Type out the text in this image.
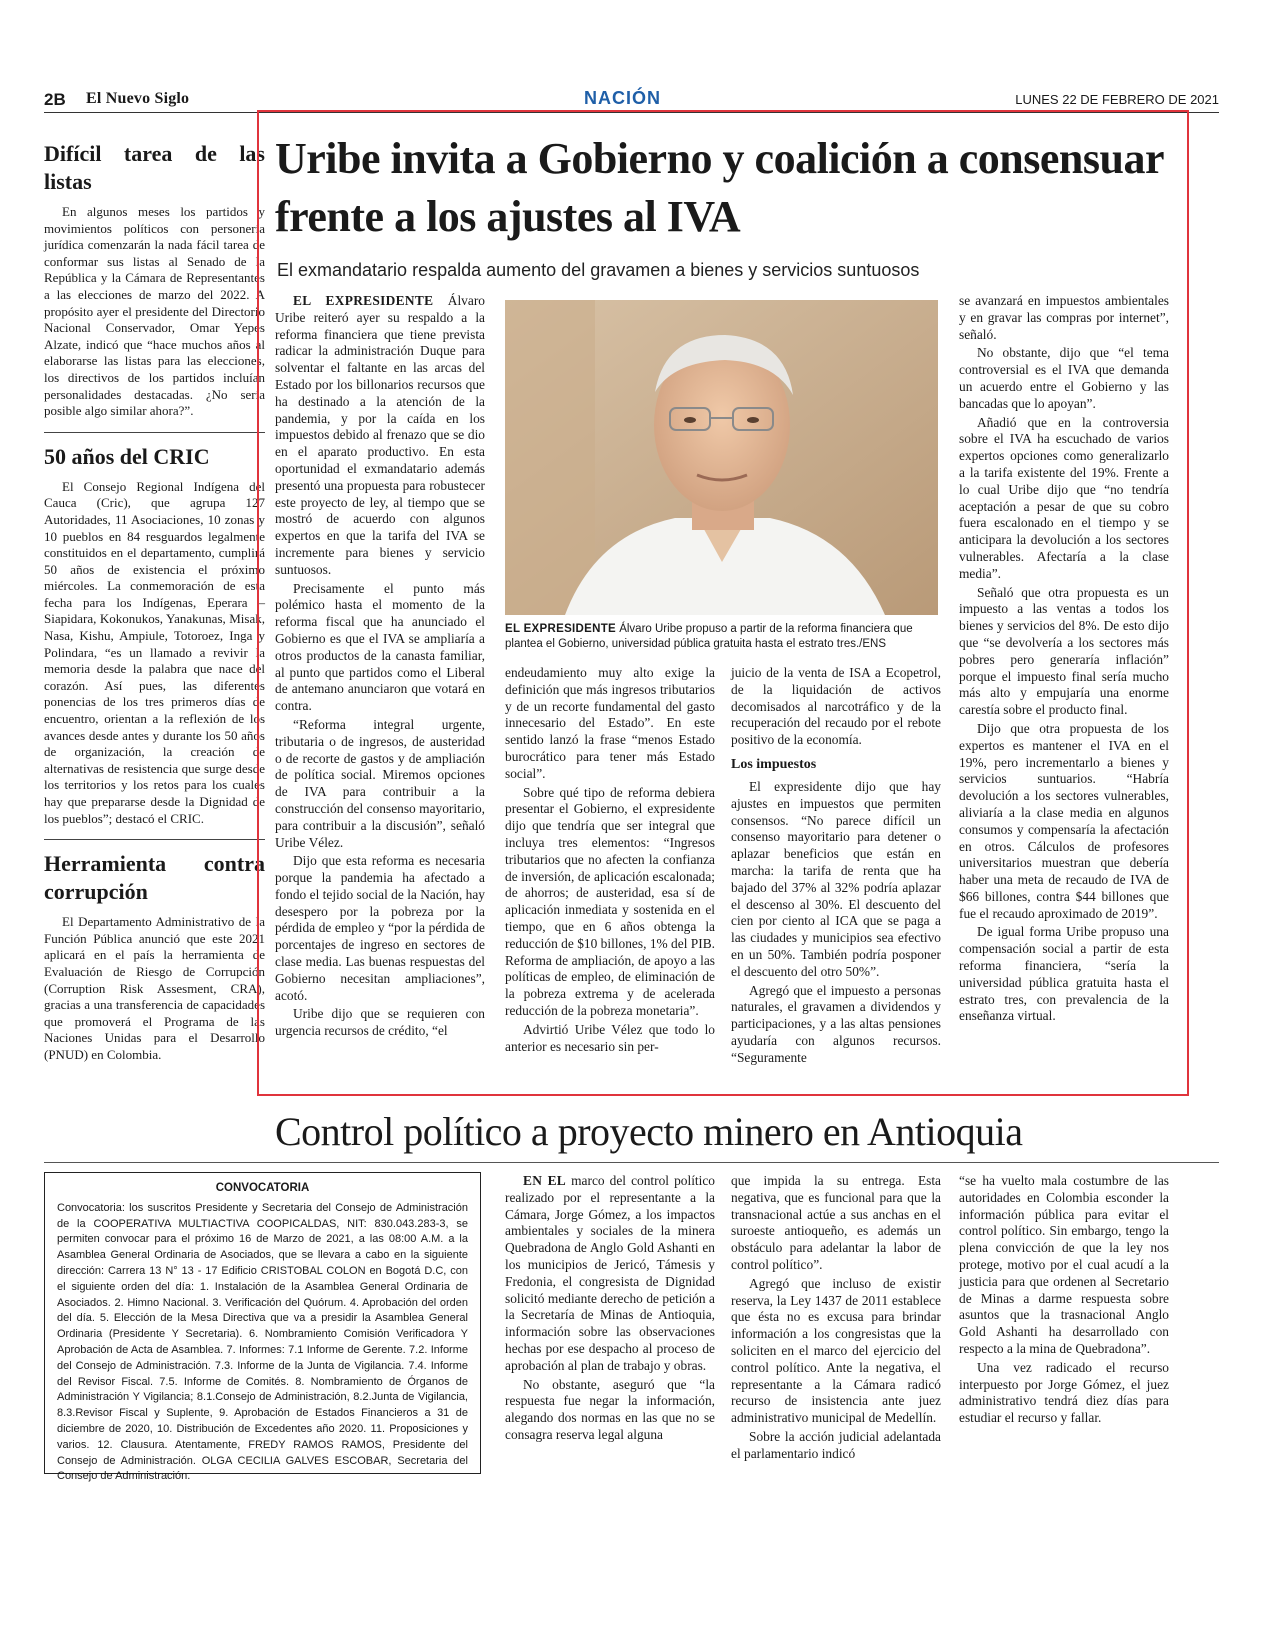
2B El Nuevo Siglo	NACIÓN	LUNES 22 DE FEBRERO DE 2021
Difícil tarea de las listas

En algunos meses los partidos y movimientos políticos con personería jurídica comenzarán la nada fácil tarea de conformar sus listas al Senado de la República y la Cámara de Representantes a las elecciones de marzo del 2022. A propósito ayer el presidente del Directorio Nacional Conservador, Omar Yepes Alzate, indicó que “hace muchos años al elaborarse las listas para las elecciones, los directivos de los partidos incluían personalidades destacadas. ¿No sería posible algo similar ahora?”.

50 años del CRIC

El Consejo Regional Indígena del Cauca (Cric), que agrupa 127 Autoridades, 11 Asociaciones, 10 zonas y 10 pueblos en 84 resguardos legalmente constituidos en el departamento, cumplirá 50 años de existencia el próximo miércoles. La conmemoración de esta fecha para los Indígenas, Eperara – Siapidara, Kokonukos, Yanakunas, Misak, Nasa, Kishu, Ampiule, Totoroez, Inga y Polindara, “es un llamado a revivir la memoria desde la palabra que nace del corazón. Así pues, las diferentes ponencias de los tres primeros días de encuentro, orientan a la reflexión de los avances desde antes y durante los 50 años de organización, la creación de alternativas de resistencia que surge desde los territorios y los retos para los cuales hay que prepararse desde la Dignidad de los pueblos”; destacó el CRIC.

Herramienta contra corrupción

El Departamento Administrativo de la Función Pública anunció que este 2021 aplicará en el país la herramienta de Evaluación de Riesgo de Corrupción (Corruption Risk Assesment, CRA), gracias a una transferencia de capacidades que promoverá el Programa de las Naciones Unidas para el Desarrollo (PNUD) en Colombia.

Uribe invita a Gobierno y coalición a consensuar frente a los ajustes al IVA

El exmandatario respalda aumento del gravamen a bienes y servicios suntuosos

EL EXPRESIDENTE Álvaro Uribe reiteró ayer su respaldo a la reforma financiera que tiene prevista radicar la administración Duque para solventar el faltante en las arcas del Estado por los billonarios recursos que ha destinado a la atención de la pandemia, y por la caída en los impuestos debido al frenazo que se dio en el aparato productivo. En esta oportunidad el exmandatario además presentó una propuesta para robustecer este proyecto de ley, al tiempo que se mostró de acuerdo con algunos expertos en que la tarifa del IVA se incremente para bienes y servicio suntuosos.

Precisamente el punto más polémico hasta el momento de la reforma fiscal que ha anunciado el Gobierno es que el IVA se ampliaría a otros productos de la canasta familiar, al punto que partidos como el Liberal de antemano anunciaron que votará en contra.

“Reforma integral urgente, tributaria o de ingresos, de austeridad o de recorte de gastos y de ampliación de política social. Miremos opciones de IVA para contribuir a la construcción del consenso mayoritario, para contribuir a la discusión”, señaló Uribe Vélez.

Dijo que esta reforma es necesaria porque la pandemia ha afectado a fondo el tejido social de la Nación, hay desespero por la pobreza por la pérdida de empleo y “por la pérdida de porcentajes de ingreso en sectores de clase media. Las buenas respuestas del Gobierno necesitan ampliaciones”, acotó.

Uribe dijo que se requieren con urgencia recursos de crédito, “el

EL EXPRESIDENTE Álvaro Uribe propuso a partir de la reforma financiera que plantea el Gobierno, universidad pública gratuita hasta el estrato tres./ENS

endeudamiento muy alto exige la definición que más ingresos tributarios y de un recorte fundamental del gasto innecesario del Estado”. En este sentido lanzó la frase “menos Estado burocrático para tener más Estado social”.

Sobre qué tipo de reforma debiera presentar el Gobierno, el expresidente dijo que tendría que ser integral que incluya tres elementos: “Ingresos tributarios que no afecten la confianza de inversión, de aplicación escalonada; de ahorros; de austeridad, esa sí de aplicación inmediata y sostenida en el tiempo, que en 6 años obtenga la reducción de $10 billones, 1% del PIB. Reforma de ampliación, de apoyo a las políticas de empleo, de eliminación de la pobreza extrema y de acelerada reducción de la pobreza monetaria”.

Advirtió Uribe Vélez que todo lo anterior es necesario sin per-

juicio de la venta de ISA a Ecopetrol, de la liquidación de activos decomisados al narcotráfico y de la recuperación del recaudo por el rebote positivo de la economía.

Los impuestos

El expresidente dijo que hay ajustes en impuestos que permiten consensos. “No parece difícil un consenso mayoritario para detener o aplazar beneficios que están en marcha: la tarifa de renta que ha bajado del 37% al 32% podría aplazar el descenso al 30%. El descuento del cien por ciento al ICA que se paga a las ciudades y municipios sea efectivo en un 50%. También podría posponer el descuento del otro 50%”.

Agregó que el impuesto a personas naturales, el gravamen a dividendos y participaciones, y a las altas pensiones ayudaría con algunos recursos. “Seguramente

se avanzará en impuestos ambientales y en gravar las compras por internet”, señaló.

No obstante, dijo que “el tema controversial es el IVA que demanda un acuerdo entre el Gobierno y las bancadas que lo apoyan”.

Añadió que en la controversia sobre el IVA ha escuchado de varios expertos opciones como generalizarlo a la tarifa existente del 19%. Frente a lo cual Uribe dijo que “no tendría aceptación a pesar de que su cobro fuera escalonado en el tiempo y se anticipara la devolución a los sectores vulnerables. Afectaría a la clase media”.

Señaló que otra propuesta es un impuesto a las ventas a todos los bienes y servicios del 8%. De esto dijo que “se devolvería a los sectores más pobres pero generaría inflación” porque el impuesto final sería mucho más alto y empujaría una enorme carestía sobre el producto final.

Dijo que otra propuesta de los expertos es mantener el IVA en el 19%, pero incrementarlo a bienes y servicios suntuarios. “Habría devolución a los sectores vulnerables, aliviaría a la clase media en algunos consumos y compensaría la afectación en otros. Cálculos de profesores universitarios muestran que debería haber una meta de recaudo de IVA de $66 billones, contra $44 billones que fue el recaudo aproximado de 2019”.

De igual forma Uribe propuso una compensación social a partir de esta reforma financiera, “sería la universidad pública gratuita hasta el estrato tres, con prevalencia de la enseñanza virtual.

Control político a proyecto minero en Antioquia
CONVOCATORIA

Convocatoria: los suscritos Presidente y Secretaria del Consejo de Administración de la COOPERATIVA MULTIACTIVA COOPICALDAS, NIT: 830.043.283-3, se permiten convocar para el próximo 16 de Marzo de 2021, a las 08:00 A.M. a la Asamblea General Ordinaria de Asociados, que se llevara a cabo en la siguiente dirección: Carrera 13 N° 13 - 17 Edificio CRISTOBAL COLON en Bogotá D.C, con el siguiente orden del día: 1. Instalación de la Asamblea General Ordinaria de Asociados. 2. Himno Nacional. 3. Verificación del Quórum. 4. Aprobación del orden del día. 5. Elección de la Mesa Directiva que va a presidir la Asamblea General Ordinaria (Presidente Y Secretaria). 6. Nombramiento Comisión Verificadora Y Aprobación de Acta de Asamblea. 7. Informes: 7.1 Informe de Gerente. 7.2. Informe del Consejo de Administración. 7.3. Informe de la Junta de Vigilancia. 7.4. Informe del Revisor Fiscal. 7.5. Informe de Comités. 8. Nombramiento de Órganos de Administración Y Vigilancia; 8.1.Consejo de Administración, 8.2.Junta de Vigilancia, 8.3.Revisor Fiscal y Suplente, 9. Aprobación de Estados Financieros a 31 de diciembre de 2020, 10. Distribución de Excedentes año 2020. 11. Proposiciones y varios. 12. Clausura. Atentamente, FREDY RAMOS RAMOS, Presidente del Consejo de Administración. OLGA CECILIA GALVES ESCOBAR, Secretaria del Consejo de Administración.

EN EL marco del control político realizado por el representante a la Cámara, Jorge Gómez, a los impactos ambientales y sociales de la minera Quebradona de Anglo Gold Ashanti en los municipios de Jericó, Támesis y Fredonia, el congresista de Dignidad solicitó mediante derecho de petición a la Secretaría de Minas de Antioquia, información sobre las observaciones hechas por ese despacho al proceso de aprobación al plan de trabajo y obras.

No obstante, aseguró que “la respuesta fue negar la información, alegando dos normas en las que no se consagra reserva legal alguna

que impida la su entrega. Esta negativa, que es funcional para que la transnacional actúe a sus anchas en el suroeste antioqueño, es además un obstáculo para adelantar la labor de control político”.

Agregó que incluso de existir reserva, la Ley 1437 de 2011 establece que ésta no es excusa para brindar información a los congresistas que la soliciten en el marco del ejercicio del control político. Ante la negativa, el representante a la Cámara radicó recurso de insistencia ante juez administrativo municipal de Medellín.

Sobre la acción judicial adelantada el parlamentario indicó

“se ha vuelto mala costumbre de las autoridades en Colombia esconder la información pública para evitar el control político. Sin embargo, tengo la plena convicción de que la ley nos protege, motivo por el cual acudí a la justicia para que ordenen al Secretario de Minas a darme respuesta sobre asuntos que la trasnacional Anglo Gold Ashanti ha desarrollado con respecto a la mina de Quebradona”.

Una vez radicado el recurso interpuesto por Jorge Gómez, el juez administrativo tendrá diez días para estudiar el recurso y fallar.
